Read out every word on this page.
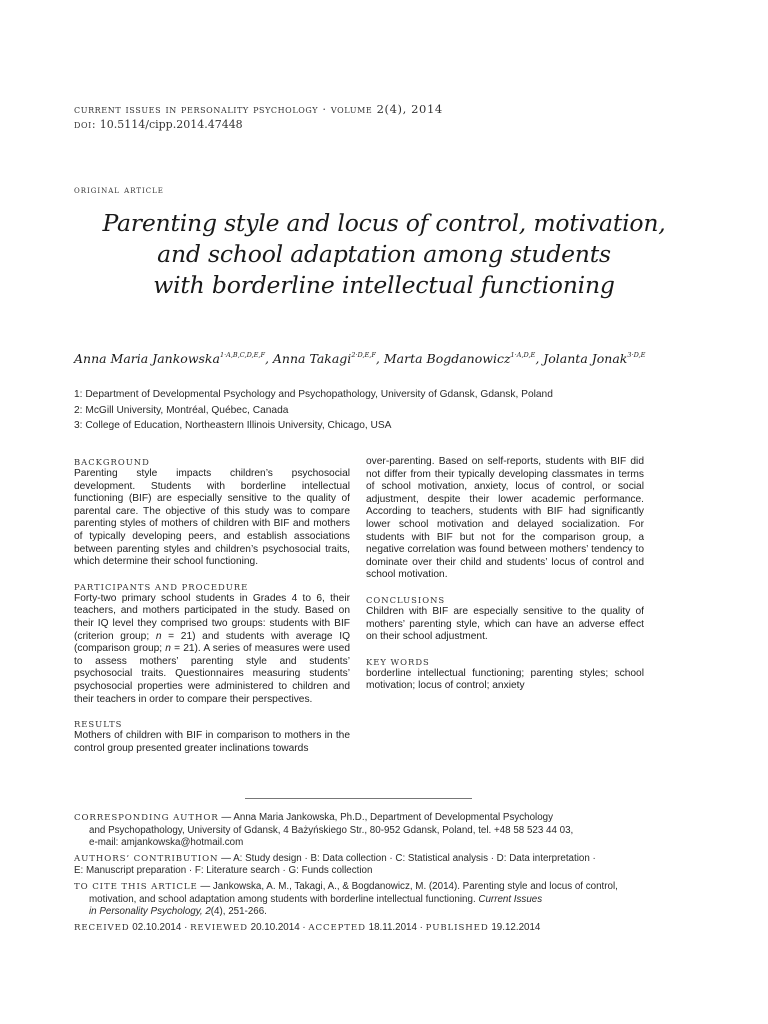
current issues in personality psychology · volume 2(4), 2014
doi: 10.5114/cipp.2014.47448
original article
Parenting style and locus of control, motivation,
and school adaptation among students
with borderline intellectual functioning
Anna Maria Jankowska$^{1\cdot A,B,C,D,E,F}$, Anna Takagi$^{2\cdot D,E,F}$, Marta Bogdanowicz$^{1\cdot A,D,E}$, Jolanta Jonak$^{3\cdot D,E}$
1: Department of Developmental Psychology and Psychopathology, University of Gdansk, Gdansk, Poland
2: McGill University, Montréal, Québec, Canada
3: College of Education, Northeastern Illinois University, Chicago, USA

BACKGROUND

Parenting style impacts children’s psychosocial development. Students with borderline intellectual functioning (BIF) are especially sensitive to the quality of parental care. The objective of this study was to compare parenting styles of mothers of children with BIF and mothers of typically developing peers, and establish associations between parenting styles and children’s psychosocial traits, which determine their school functioning.

PARTICIPANTS AND PROCEDURE

Forty-two primary school students in Grades 4 to 6, their teachers, and mothers participated in the study. Based on their IQ level they comprised two groups: students with BIF (criterion group; n = 21) and students with average IQ (comparison group; n = 21). A series of measures were used to assess mothers’ parenting style and students’ psychosocial traits. Questionnaires measuring students’ psychosocial properties were administered to children and their teachers in order to compare their perspectives.

RESULTS

Mothers of children with BIF in comparison to mothers in the control group presented greater inclinations towards

over-parenting. Based on self-reports, students with BIF did not differ from their typically developing classmates in terms of school motivation, anxiety, locus of control, or social adjustment, despite their lower academic performance. According to teachers, students with BIF had significantly lower school motivation and delayed socialization. For students with BIF but not for the comparison group, a negative correlation was found between mothers’ tendency to dominate over their child and students’ locus of control and school motivation.

CONCLUSIONS

Children with BIF are especially sensitive to the quality of mothers’ parenting style, which can have an adverse effect on their school adjustment.

KEY WORDS

borderline intellectual functioning; parenting styles; school motivation; locus of control; anxiety

CORRESPONDING AUTHOR — Anna Maria Jankowska, Ph.D., Department of Developmental Psychology
and Psychopathology, University of Gdansk, 4 Bażyńskiego Str., 80-952 Gdansk, Poland, tel. +48 58 523 44 03,
e-mail: amjankowska@hotmail.com
AUTHORS’ CONTRIBUTION — A: Study design · B: Data collection · C: Statistical analysis · D: Data interpretation ·
E: Manuscript preparation · F: Literature search · G: Funds collection
TO CITE THIS ARTICLE — Jankowska, A. M., Takagi, A., & Bogdanowicz, M. (2014). Parenting style and locus of control,
motivation, and school adaptation among students with borderline intellectual functioning. Current Issues
in Personality Psychology, 2(4), 251-266.
RECEIVED 02.10.2014 · REVIEWED 20.10.2014 · ACCEPTED 18.11.2014 · PUBLISHED 19.12.2014
